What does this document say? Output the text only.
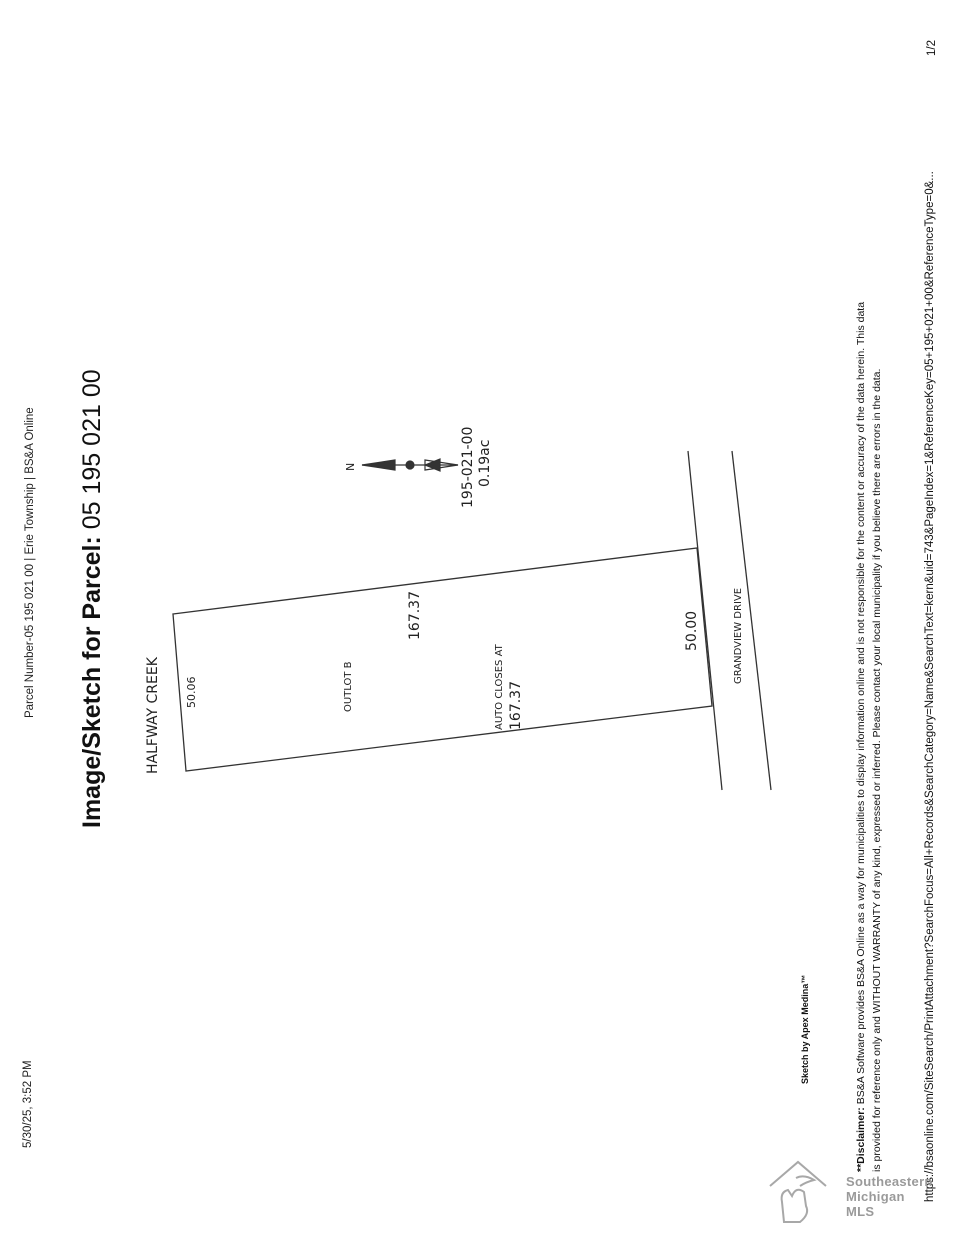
5/30/25, 3:52 PM
Parcel Number-05 195 021 00 | Erie Township | BS&A Online Image/Sketch for Parcel: 05 195 021 00
HALFWAY CREEK 50.06
167.37
OUTLOT B	AUTO CLOSES AT 167.37
50.00	GRANDVIEW DRIVE
N	195-021-00 0.19ac
Sketch by Apex Medina™
**Disclaimer: BS&A Software provides BS&A Online as a way for municipalities to display information online and is not responsible for the content or accuracy of the data herein. This data is provided for reference only and WITHOUT WARRANTY of any kind, expressed or inferred. Please contact your local municipality if you believe there are errors in the data.	https://bsaonline.com/SiteSearch/PrintAttachment?SearchFocus=All+Records&SearchCategory=Name&SearchText=kern&uid=743&PageIndex=1&ReferenceKey=05+195+021+00&ReferenceType=0&...
1/2
Southeastern
Michigan
MLS
